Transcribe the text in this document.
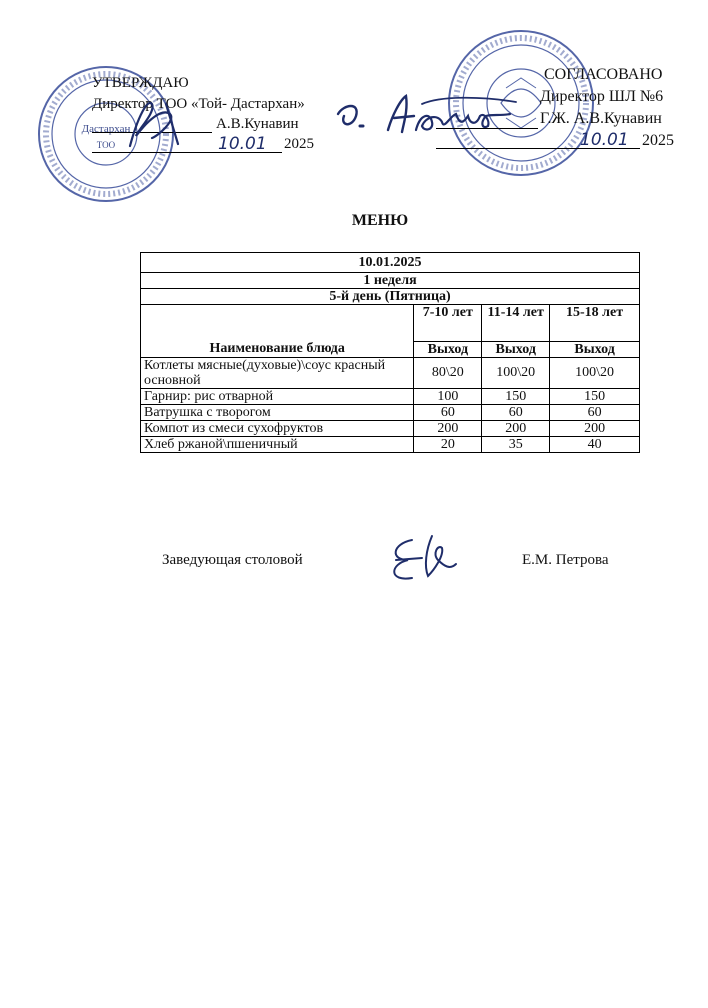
Дастархан
ТОО
УТВЕРЖДАЮ
Директор ТОО «Той- Дастархан»
А.В.Кунавин
10.01 2025
СОГЛАСОВАНО
Директор ШЛ №6
Г.Ж. А.В.Кунавин
10.01 2025
МЕНЮ
10.01.2025			
1 неделя			
5-й день (Пятница)			
	7-10 лет	11-14 лет	15-18 лет
Наименование блюда	Выход	Выход	Выход
Котлеты мясные(духовые)\соус красный основной	80\20	100\20	100\20
Гарнир: рис отварной	100	150	150
Ватрушка с творогом	60	60	60
Компот из смеси сухофруктов	200	200	200
Хлеб ржаной\пшеничный	20	35	40
Заведующая столовой	Е.М. Петрова
